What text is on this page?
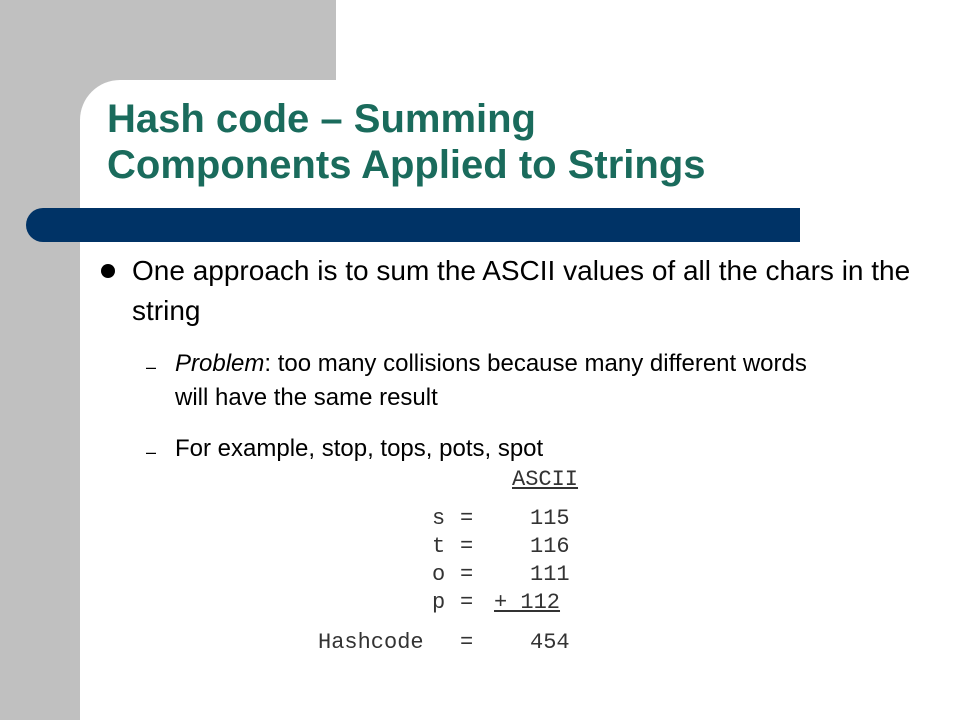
Hash code – Summing
Components Applied to Strings
One approach is to sum the ASCII values of all the chars in the string
– Problem: too many collisions because many different words will have the same result
– For example, stop, tops, pots, spot
ASCII
s =	115
t =	116
o =	111
p = + 112
Hashcode =	454
